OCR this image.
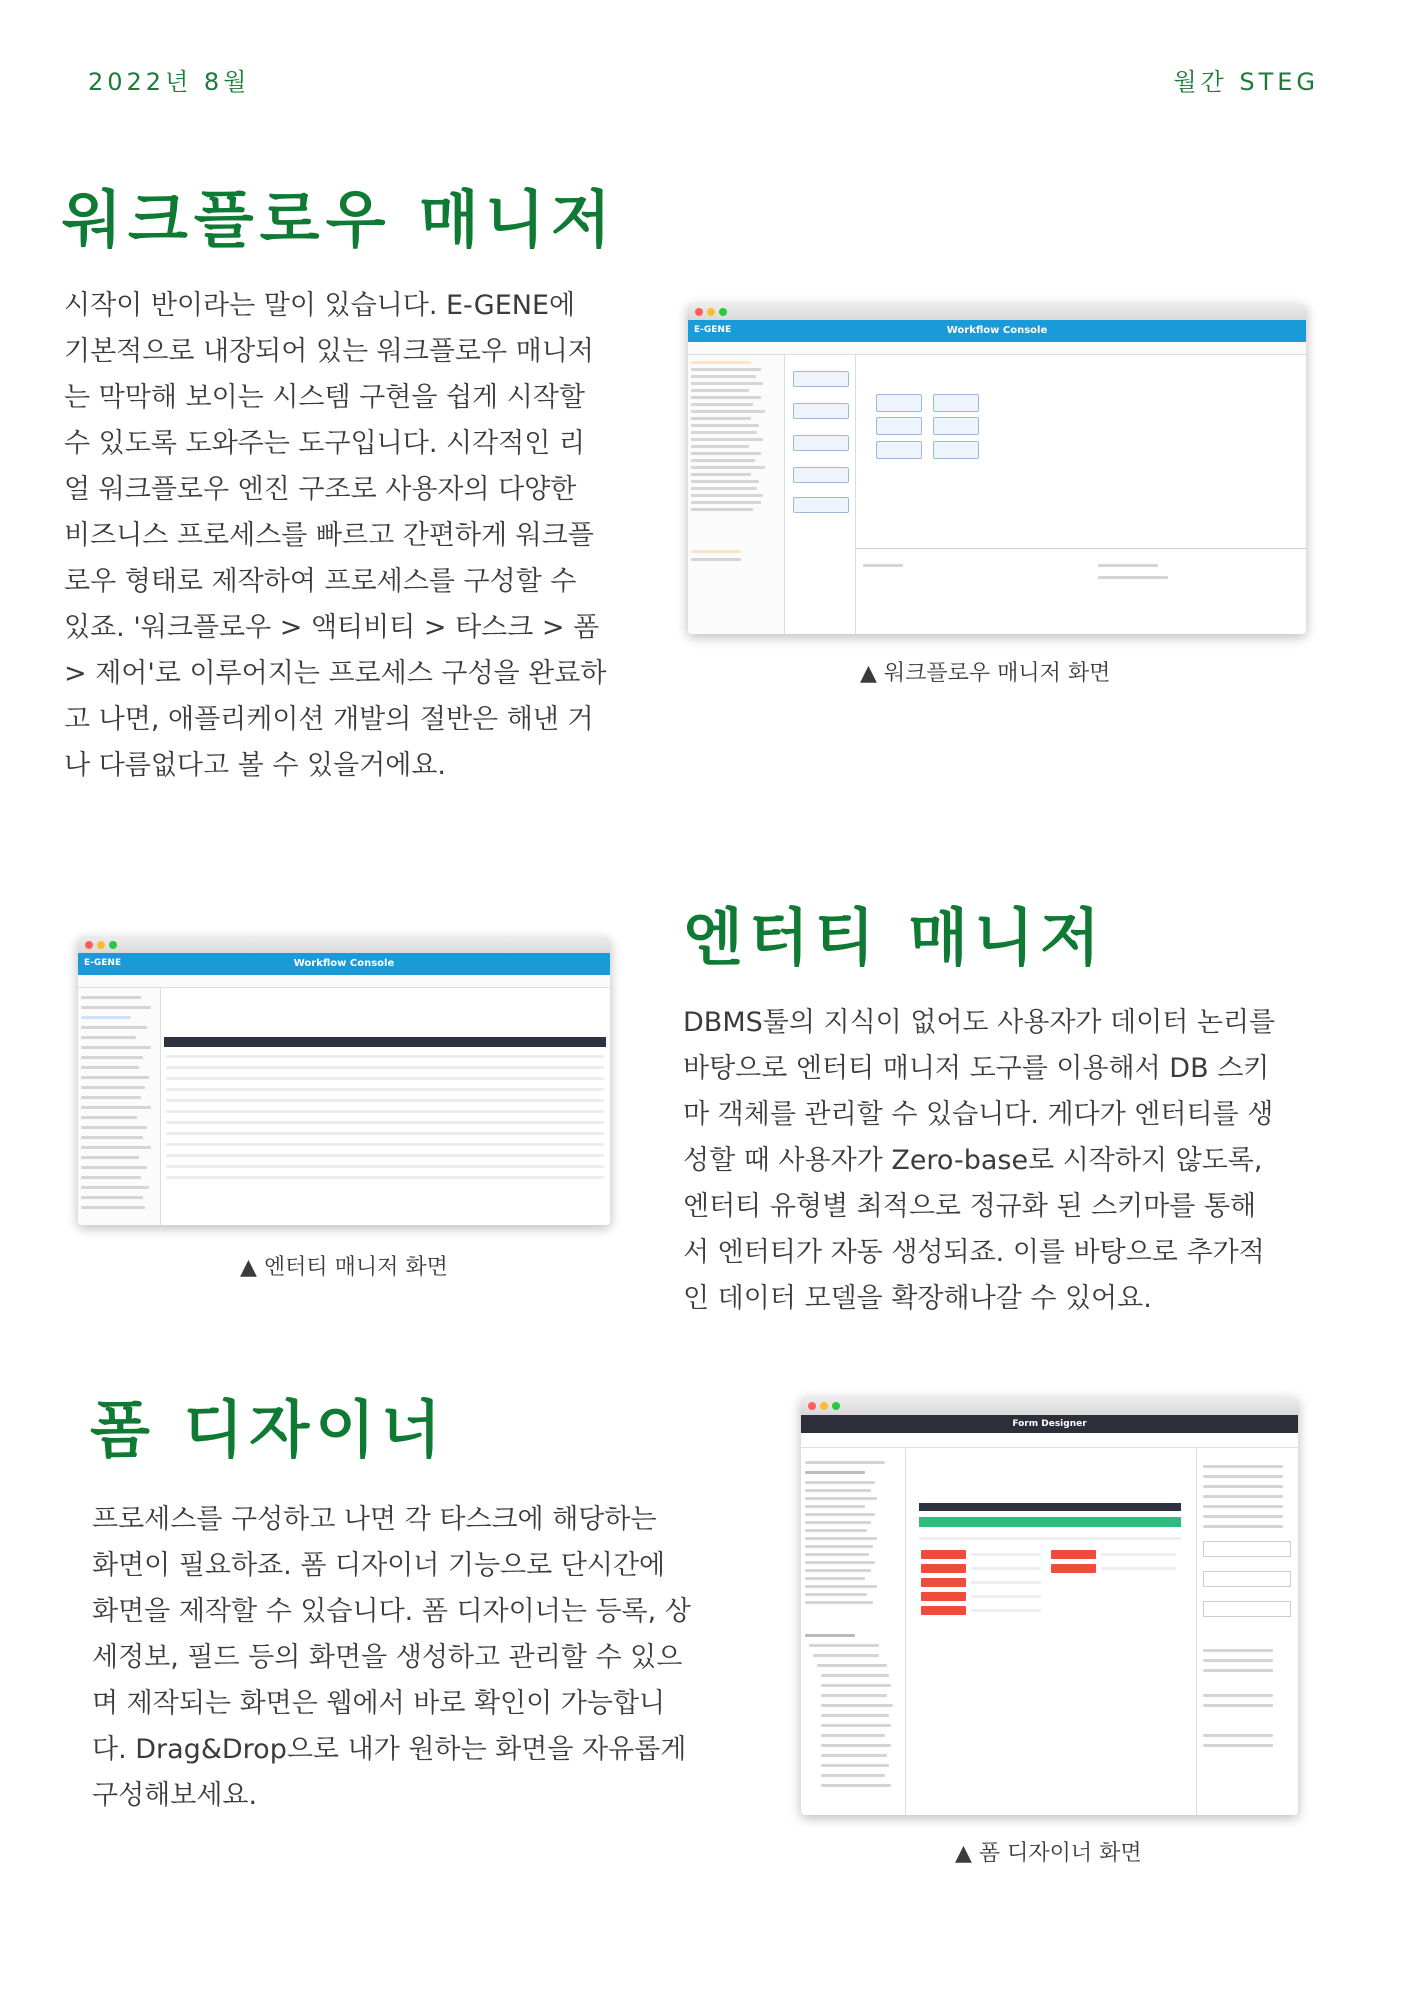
2022년 8월	월간 STEG
워크플로우 매니저
시작이 반이라는 말이 있습니다. E-GENE에
기본적으로 내장되어 있는 워크플로우 매니저
는 막막해 보이는 시스템 구현을 쉽게 시작할
수 있도록 도와주는 도구입니다. 시각적인 리
얼 워크플로우 엔진 구조로 사용자의 다양한
비즈니스 프로세스를 빠르고 간편하게 워크플
로우 형태로 제작하여 프로세스를 구성할 수
있죠. '워크플로우 > 액티비티 > 타스크 > 폼
> 제어'로 이루어지는 프로세스 구성을 완료하
고 나면, 애플리케이션 개발의 절반은 해낸 거
나 다름없다고 볼 수 있을거에요.
E-GENE	Workflow Console
▲ 워크플로우 매니저 화면
엔터티 매니저
DBMS툴의 지식이 없어도 사용자가 데이터 논리를
바탕으로 엔터티 매니저 도구를 이용해서 DB 스키
마 객체를 관리할 수 있습니다. 게다가 엔터티를 생
성할 때 사용자가 Zero-base로 시작하지 않도록,
엔터티 유형별 최적으로 정규화 된 스키마를 통해
서 엔터티가 자동 생성되죠. 이를 바탕으로 추가적
인 데이터 모델을 확장해나갈 수 있어요.
E-GENE	Workflow Console
▲ 엔터티 매니저 화면
폼 디자이너
프로세스를 구성하고 나면 각 타스크에 해당하는
화면이 필요하죠. 폼 디자이너 기능으로 단시간에
화면을 제작할 수 있습니다. 폼 디자이너는 등록, 상
세정보, 필드 등의 화면을 생성하고 관리할 수 있으
며 제작되는 화면은 웹에서 바로 확인이 가능합니
다. Drag&Drop으로 내가 원하는 화면을 자유롭게
구성해보세요.
Form Designer
▲ 폼 디자이너 화면
